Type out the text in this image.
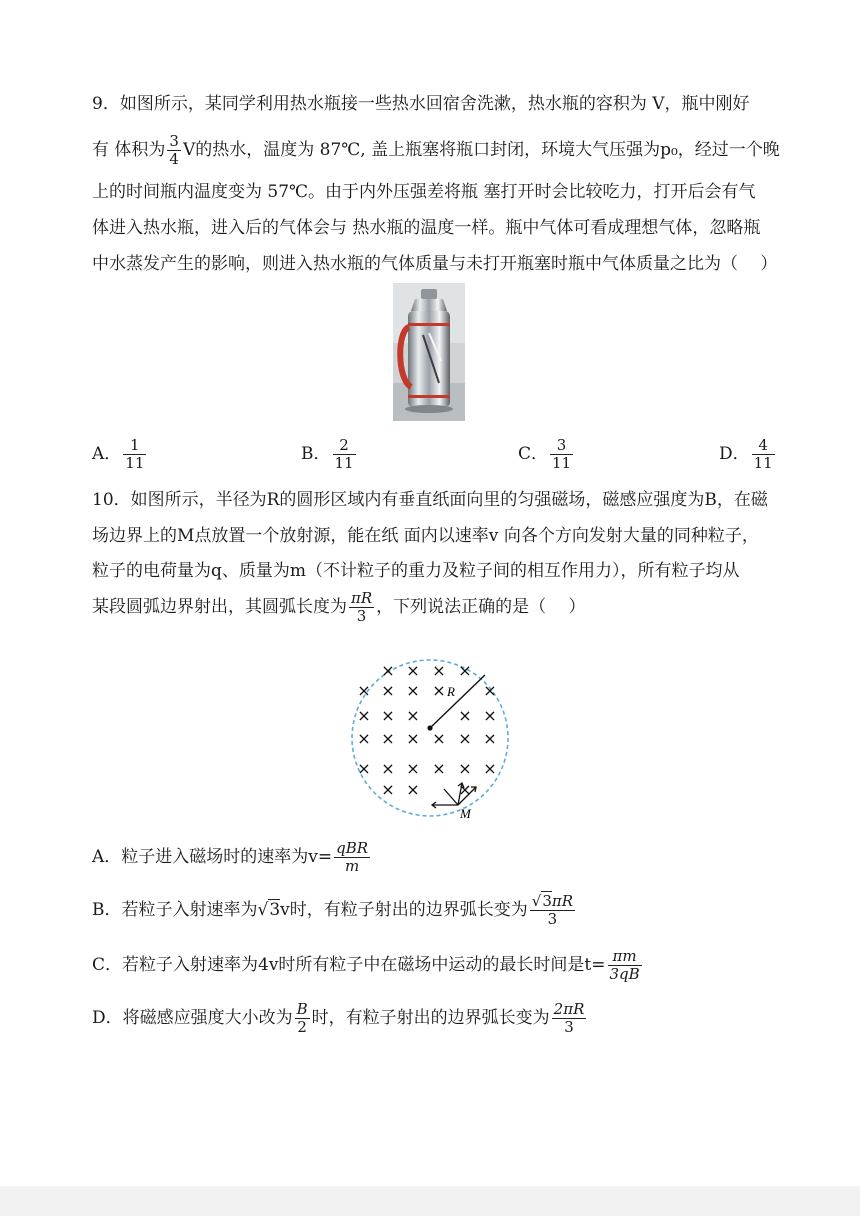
9．如图所示，某同学利用热水瓶接一些热水回宿舍洗漱，热水瓶的容积为 V，瓶中刚好
有 体积为 $\frac{3}{4}$ V的热水，温度为 87℃, 盖上瓶塞将瓶口封闭，环境大气压强为p₀，经过一个晚
上的时间瓶内温度变为 57℃。由于内外压强差将瓶 塞打开时会比较吃力，打开后会有气
体进入热水瓶，进入后的气体会与 热水瓶的温度一样。瓶中气体可看成理想气体，忽略瓶
中水蒸发产生的影响，则进入热水瓶的气体质量与未打开瓶塞时瓶中气体质量之比为（　 ）
A． $\frac{1}{11}$	B． $\frac{2}{11}$	C． $\frac{3}{11}$	D． $\frac{4}{11}$
10．如图所示，半径为R的圆形区域内有垂直纸面向里的匀强磁场，磁感应强度为B，在磁
场边界上的M点放置一个放射源，能在纸 面内以速率v 向各个方向发射大量的同种粒子，
粒子的电荷量为q、质量为m（不计粒子的重力及粒子间的相互作用力），所有粒子均从
某段圆弧边界射出，其圆弧长度为 $\frac{\pi R}{3}$ ，下列说法正确的是（　 ）
× × × ×
× × × × ×
× × × × ×
× × × × × ×
× × × × × ×
× × ×
R
M
A．粒子进入磁场时的速率为$v= \frac{\text{qBR}}{m}$
B．若粒子入射速率为√3v时，有粒子射出的边界弧长变为 $\frac{√3\pi R}{3}$
C．若粒子入射速率为4v时所有粒子中在磁场中运动的最长时间是$t= \frac{\pi m}{3qB}$
D．将磁感应强度大小改为 $\frac{B}{2}$ 时，有粒子射出的边界弧长变为 $\frac{2\pi R}{3}$
